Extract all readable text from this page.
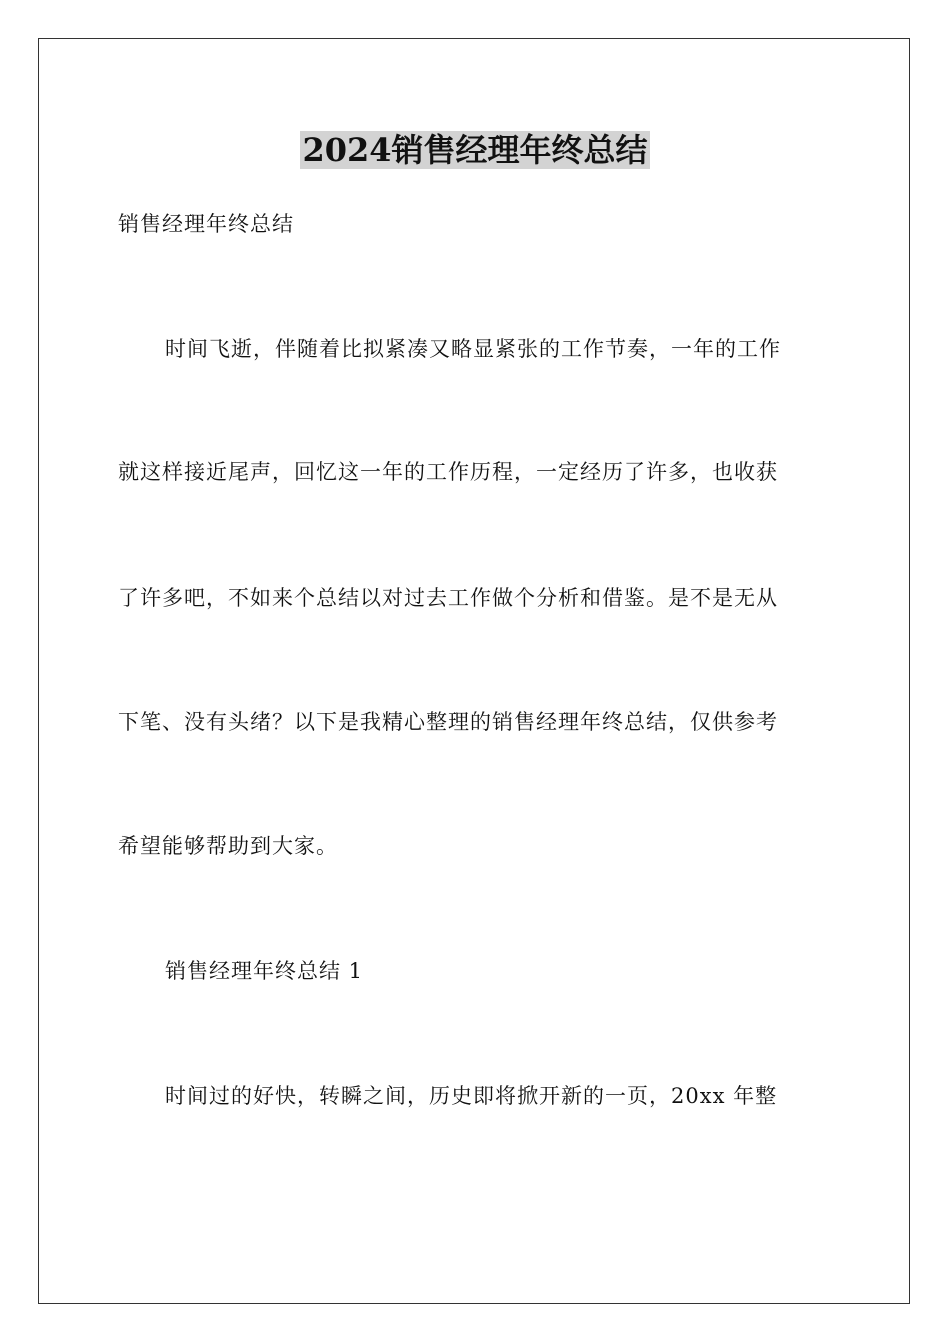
2024销售经理年终总结
销售经理年终总结
时间飞逝，伴随着比拟紧凑又略显紧张的工作节奏，一年的工作
就这样接近尾声，回忆这一年的工作历程，一定经历了许多，也收获
了许多吧，不如来个总结以对过去工作做个分析和借鉴。是不是无从
下笔、没有头绪？以下是我精心整理的销售经理年终总结，仅供参考
希望能够帮助到大家。
销售经理年终总结 1
时间过的好快，转瞬之间，历史即将掀开新的一页，20xx 年整
